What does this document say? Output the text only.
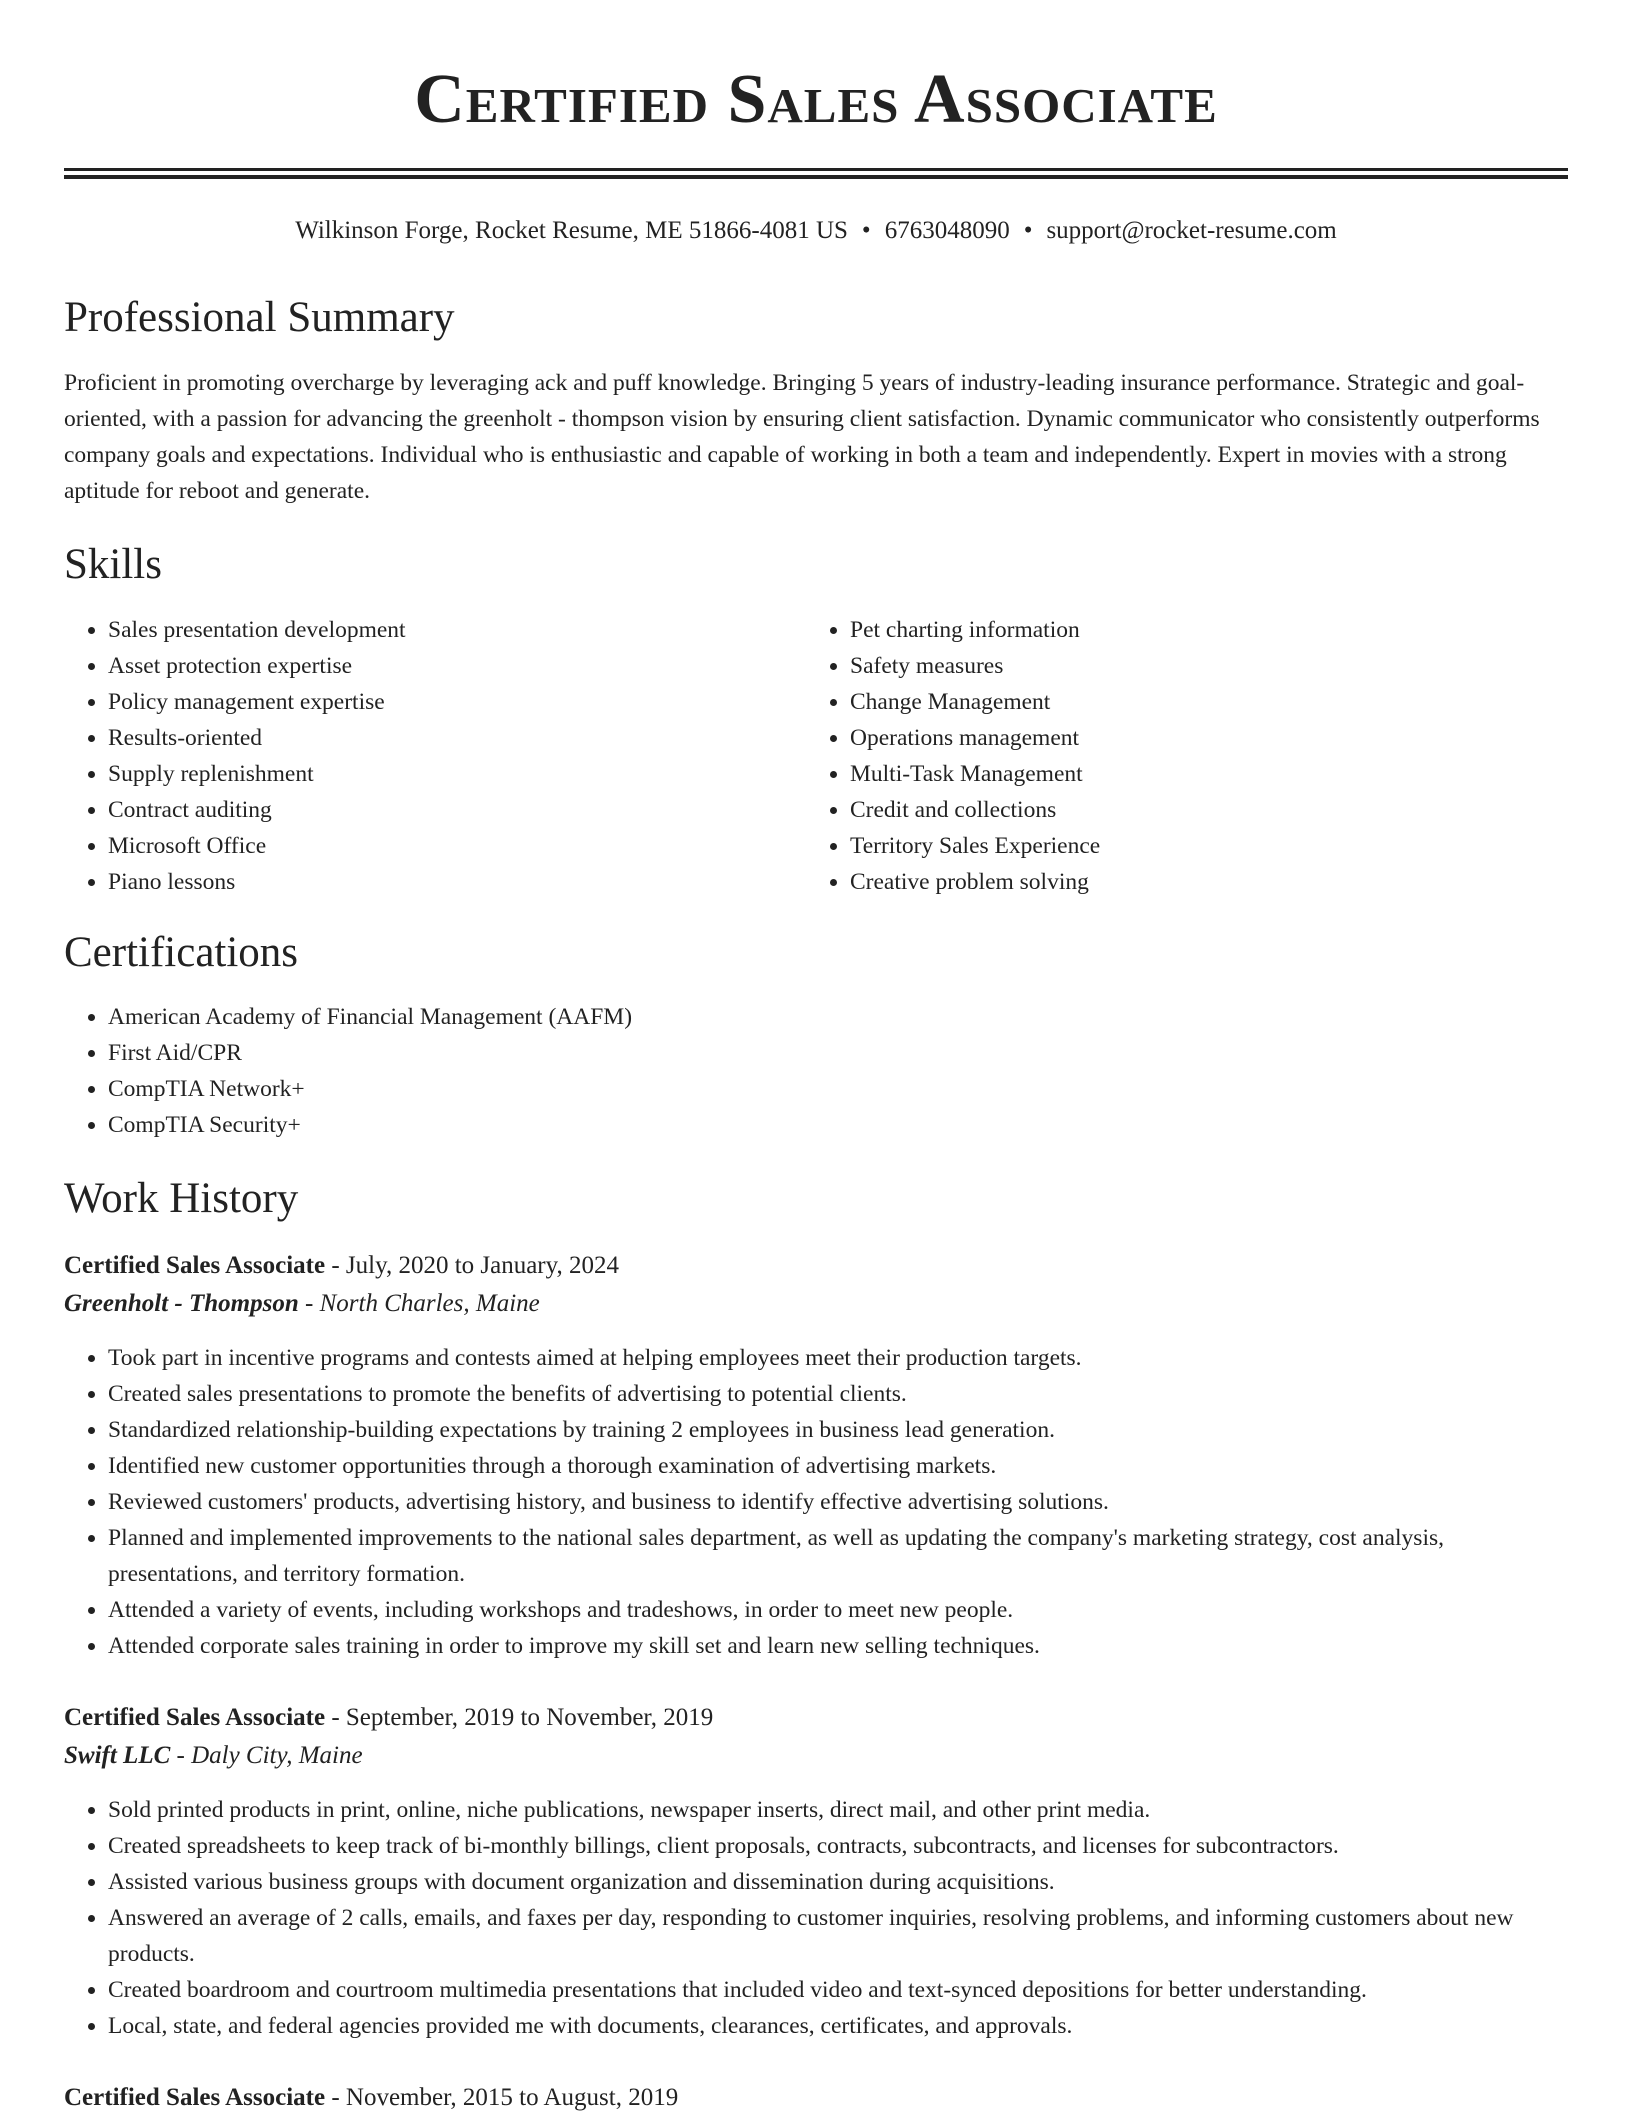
Certified Sales Associate
Wilkinson Forge, Rocket Resume, ME 51866-4081 US • 6763048090 • support@rocket-resume.com
Professional Summary

Proficient in promoting overcharge by leveraging ack and puff knowledge. Bringing 5 years of industry-leading insurance performance. Strategic and goal-oriented, with a passion for advancing the greenholt - thompson vision by ensuring client satisfaction. Dynamic communicator who consistently outperforms company goals and expectations. Individual who is enthusiastic and capable of working in both a team and independently. Expert in movies with a strong aptitude for reboot and generate.

Skills
• Sales presentation development
• Asset protection expertise
• Policy management expertise
• Results-oriented
• Supply replenishment
• Contract auditing
• Microsoft Office
• Piano lessons
• Pet charting information
• Safety measures
• Change Management
• Operations management
• Multi-Task Management
• Credit and collections
• Territory Sales Experience
• Creative problem solving
Certifications
• American Academy of Financial Management (AAFM)
• First Aid/CPR
• CompTIA Network+
• CompTIA Security+
Work History
Certified Sales Associate - July, 2020 to January, 2024
Greenholt - Thompson - North Charles, Maine
• Took part in incentive programs and contests aimed at helping employees meet their production targets.
• Created sales presentations to promote the benefits of advertising to potential clients.
• Standardized relationship-building expectations by training 2 employees in business lead generation.
• Identified new customer opportunities through a thorough examination of advertising markets.
• Reviewed customers' products, advertising history, and business to identify effective advertising solutions.
• Planned and implemented improvements to the national sales department, as well as updating the company's marketing strategy, cost analysis, presentations, and territory formation.
• Attended a variety of events, including workshops and tradeshows, in order to meet new people.
• Attended corporate sales training in order to improve my skill set and learn new selling techniques.
Certified Sales Associate - September, 2019 to November, 2019
Swift LLC - Daly City, Maine
• Sold printed products in print, online, niche publications, newspaper inserts, direct mail, and other print media.
• Created spreadsheets to keep track of bi-monthly billings, client proposals, contracts, subcontracts, and licenses for subcontractors.
• Assisted various business groups with document organization and dissemination during acquisitions.
• Answered an average of 2 calls, emails, and faxes per day, responding to customer inquiries, resolving problems, and informing customers about new products.
• Created boardroom and courtroom multimedia presentations that included video and text-synced depositions for better understanding.
• Local, state, and federal agencies provided me with documents, clearances, certificates, and approvals.
Certified Sales Associate - November, 2015 to August, 2019
